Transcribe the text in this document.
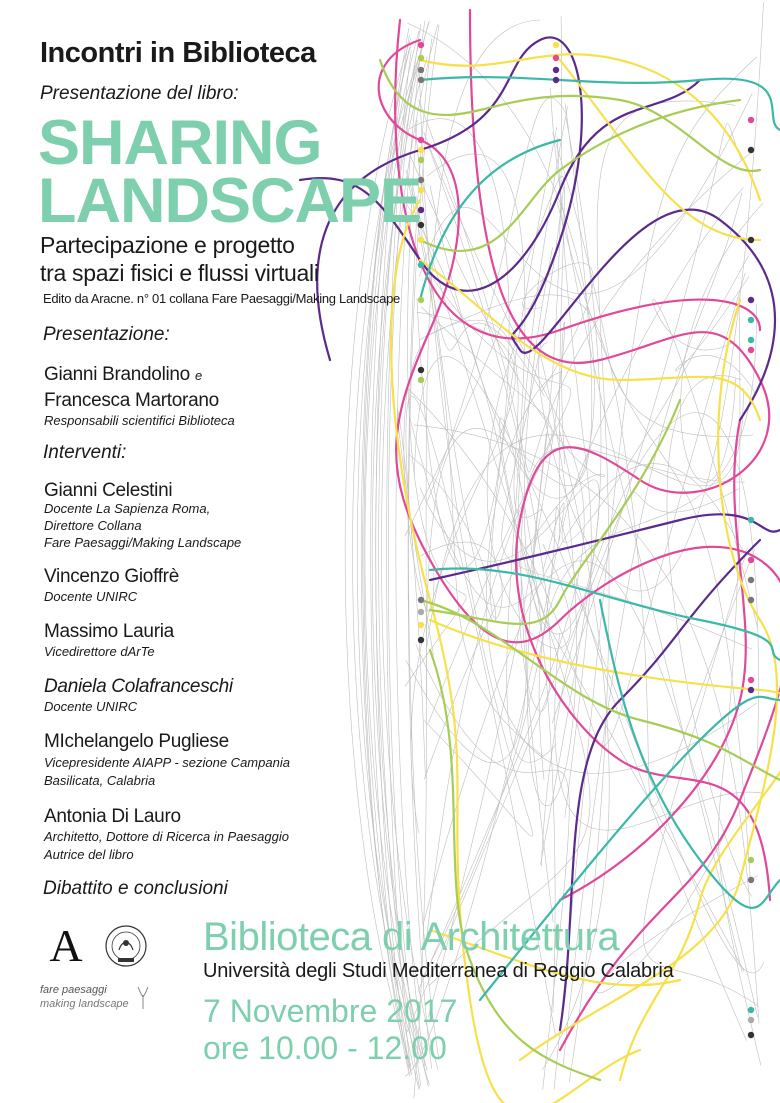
Incontri in Biblioteca
Presentazione del libro:
SHARING
LANDSCAPE
Partecipazione e progetto
tra spazi fisici e flussi virtuali
Edito da Aracne. n° 01 collana Fare Paesaggi/Making Landscape
Presentazione:
Gianni Brandolino e
Francesca Martorano
Responsabili scientifici Biblioteca
Interventi:
Gianni Celestini
Docente La Sapienza Roma,
Direttore Collana
Fare Paesaggi/Making Landscape
Vincenzo Gioffrè
Docente UNIRC
Massimo Lauria
Vicedirettore dArTe
Daniela Colafranceschi
Docente UNIRC
MIchelangelo Pugliese
Vicepresidente AIAPP - sezione Campania
Basilicata, Calabria
Antonia Di Lauro
Architetto, Dottore di Ricerca in Paesaggio
Autrice del libro
Dibattito e conclusioni
A
fare paesaggi
making landscape
Biblioteca di Architettura
Università degli Studi Mediterranea di Reggio Calabria
7 Novembre 2017
ore 10.00 - 12.00
